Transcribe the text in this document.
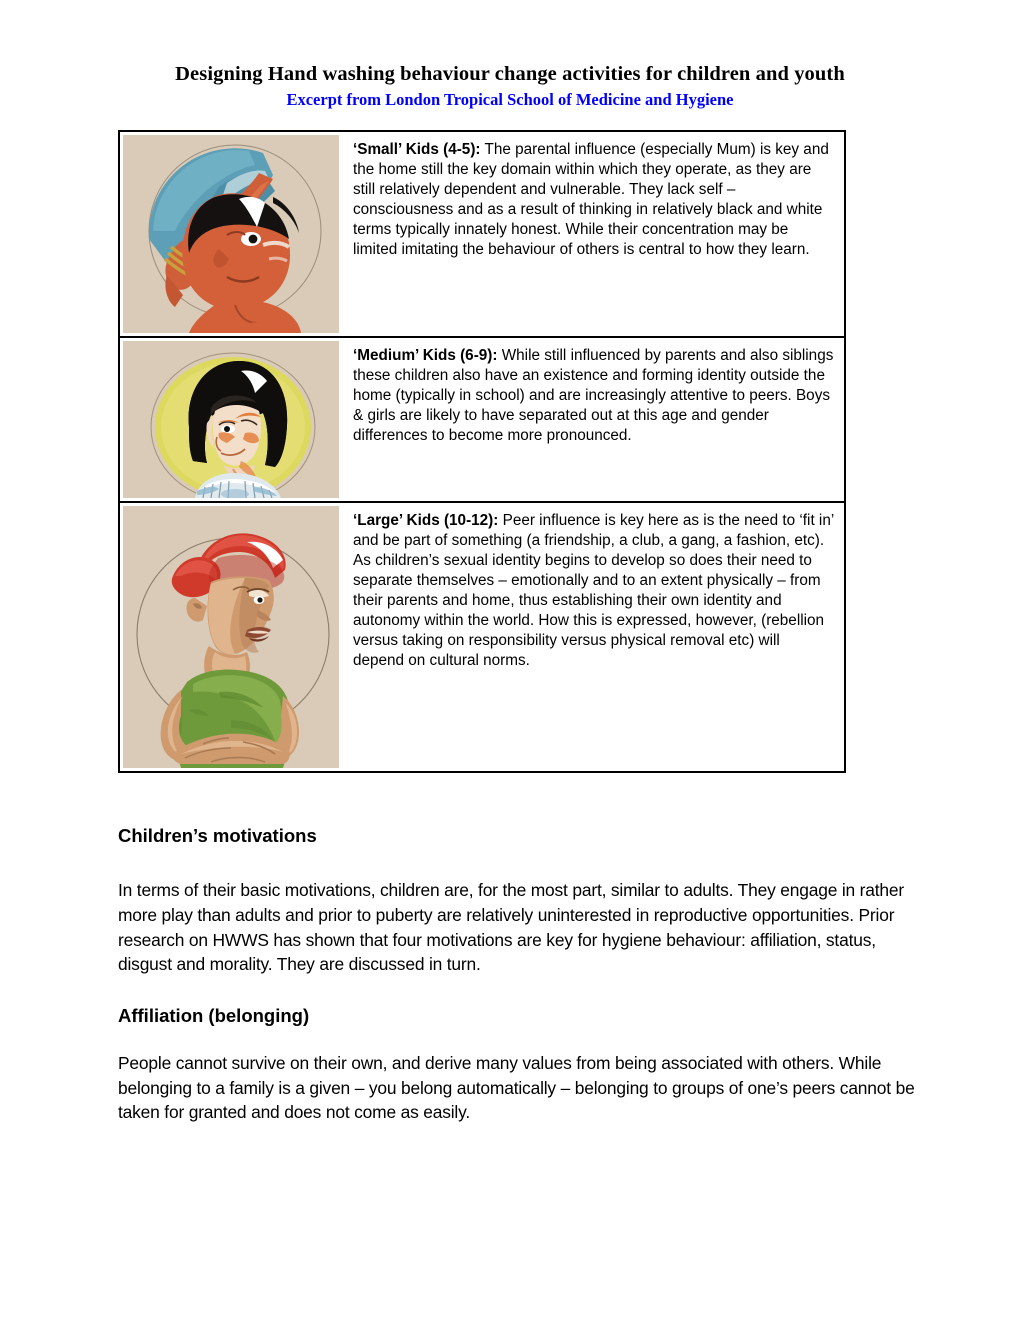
Designing Hand washing behaviour change activities for children and youth
Excerpt from London Tropical School of Medicine and Hygiene
‘Small’ Kids (4-5): The parental influence (especially Mum) is key and the home still the key domain within which they operate, as they are still relatively dependent and vulnerable. They lack self –consciousness and as a result of thinking in relatively black and white terms typically innately honest. While their concentration may be limited imitating the behaviour of others is central to how they learn.
‘Medium’ Kids (6-9): While still influenced by parents and also siblings these children also have an existence and forming identity outside the home (typically in school) and are increasingly attentive to peers. Boys & girls are likely to have separated out at this age and gender differences to become more pronounced.
‘Large’ Kids (10-12): Peer influence is key here as is the need to ‘fit in’ and be part of something (a friendship, a club, a gang, a fashion, etc). As children’s sexual identity begins to develop so does their need to separate themselves – emotionally and to an extent physically – from their parents and home, thus establishing their own identity and autonomy within the world. How this is expressed, however, (rebellion versus taking on responsibility versus physical removal etc) will depend on cultural norms.
Children’s motivations

In terms of their basic motivations, children are, for the most part, similar to adults. They engage in rather more play than adults and prior to puberty are relatively uninterested in reproductive opportunities. Prior research on HWWS has shown that four motivations are key for hygiene behaviour: affiliation, status, disgust and morality. They are discussed in turn.

Affiliation (belonging)

People cannot survive on their own, and derive many values from being associated with others. While belonging to a family is a given – you belong automatically – belonging to groups of one’s peers cannot be taken for granted and does not come as easily.
